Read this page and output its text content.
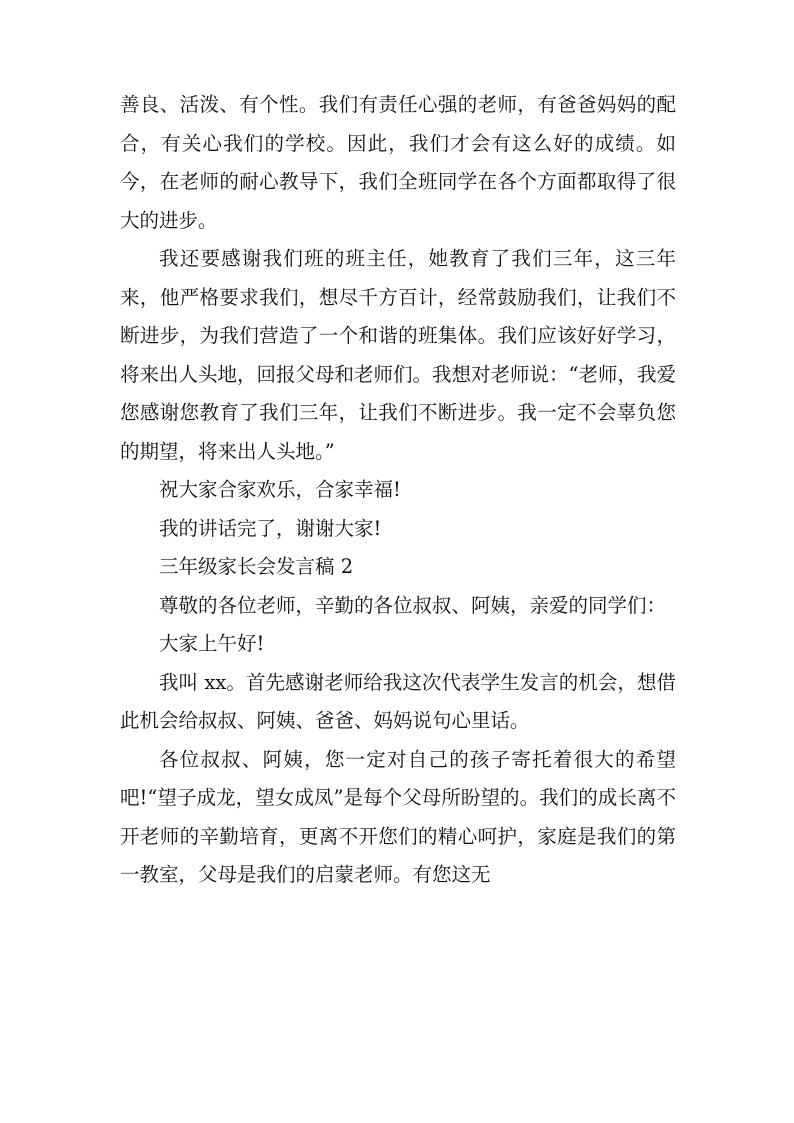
善良、活泼、有个性。我们有责任心强的老师，有爸爸妈妈的配合，有关心我们的学校。因此，我们才会有这么好的成绩。如今，在老师的耐心教导下，我们全班同学在各个方面都取得了很大的进步。

我还要感谢我们班的班主任，她教育了我们三年，这三年来，他严格要求我们，想尽千方百计，经常鼓励我们，让我们不断进步，为我们营造了一个和谐的班集体。我们应该好好学习，将来出人头地，回报父母和老师们。我想对老师说：“老师，我爱您感谢您教育了我们三年，让我们不断进步。我一定不会辜负您的期望，将来出人头地。”

祝大家合家欢乐，合家幸福!

我的讲话完了，谢谢大家!

三年级家长会发言稿 2

尊敬的各位老师，辛勤的各位叔叔、阿姨，亲爱的同学们：

大家上午好!

我叫 xx。首先感谢老师给我这次代表学生发言的机会，想借此机会给叔叔、阿姨、爸爸、妈妈说句心里话。

各位叔叔、阿姨，您一定对自己的孩子寄托着很大的希望吧!“望子成龙，望女成凤”是每个父母所盼望的。我们的成长离不开老师的辛勤培育，更离不开您们的精心呵护，家庭是我们的第一教室，父母是我们的启蒙老师。有您这无
